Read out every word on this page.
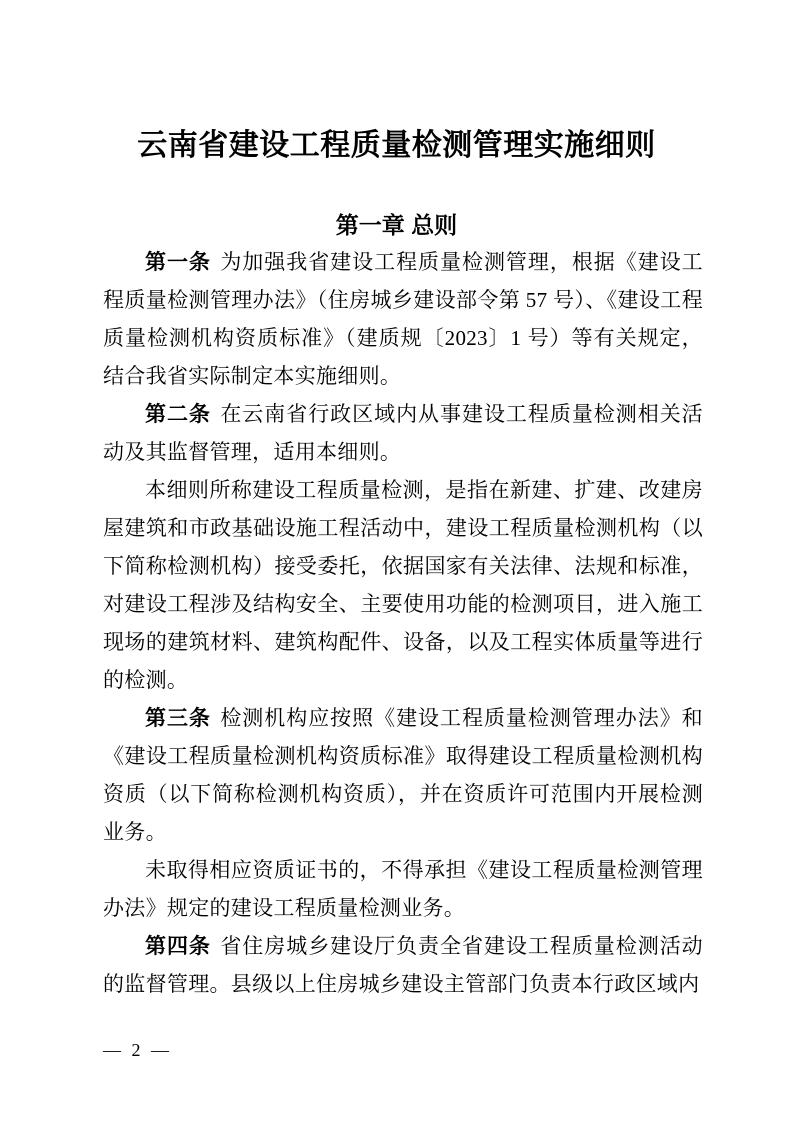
云南省建设工程质量检测管理实施细则
第一章 总则

第一条 为加强我省建设工程质量检测管理，根据《建设工程质量检测管理办法》（住房城乡建设部令第 57 号）、《建设工程质量检测机构资质标准》（建质规〔2023〕1 号）等有关规定，结合我省实际制定本实施细则。

第二条 在云南省行政区域内从事建设工程质量检测相关活动及其监督管理，适用本细则。

本细则所称建设工程质量检测，是指在新建、扩建、改建房屋建筑和市政基础设施工程活动中，建设工程质量检测机构（以下简称检测机构）接受委托，依据国家有关法律、法规和标准，对建设工程涉及结构安全、主要使用功能的检测项目，进入施工现场的建筑材料、建筑构配件、设备，以及工程实体质量等进行的检测。

第三条 检测机构应按照《建设工程质量检测管理办法》和《建设工程质量检测机构资质标准》取得建设工程质量检测机构资质（以下简称检测机构资质），并在资质许可范围内开展检测业务。

未取得相应资质证书的，不得承担《建设工程质量检测管理办法》规定的建设工程质量检测业务。

第四条 省住房城乡建设厅负责全省建设工程质量检测活动的监督管理。县级以上住房城乡建设主管部门负责本行政区域内

— 2 —
